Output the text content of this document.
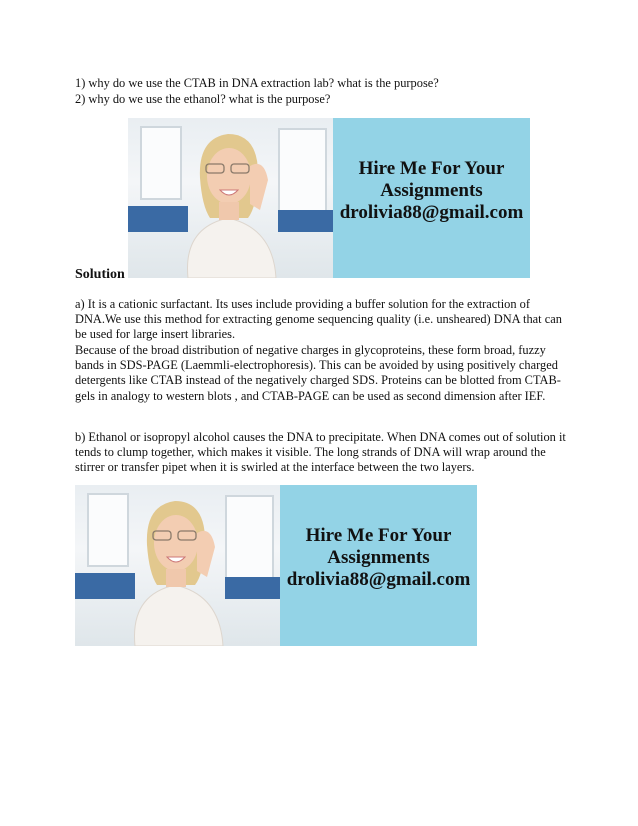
1) why do we use the CTAB in DNA extraction lab? what is the purpose?
2) why do we use the ethanol? what is the purpose?
Hire Me For Your
Assignments
drolivia88@gmail.com
Solution
a) It is a cationic surfactant. Its uses include providing a buffer solution for the extraction of DNA.We use this method for extracting genome sequencing quality (i.e. unsheared) DNA that can be used for large insert libraries.
Because of the broad distribution of negative charges in glycoproteins, these form broad, fuzzy bands in SDS-PAGE (Laemmli-electrophoresis). This can be avoided by using positively charged detergents like CTAB instead of the negatively charged SDS. Proteins can be blotted from CTAB-gels in analogy to western blots , and CTAB-PAGE can be used as second dimension after IEF.
b) Ethanol or isopropyl alcohol causes the DNA to precipitate. When DNA comes out of solution it tends to clump together, which makes it visible. The long strands of DNA will wrap around the stirrer or transfer pipet when it is swirled at the interface between the two layers.
Hire Me For Your
Assignments
drolivia88@gmail.com
